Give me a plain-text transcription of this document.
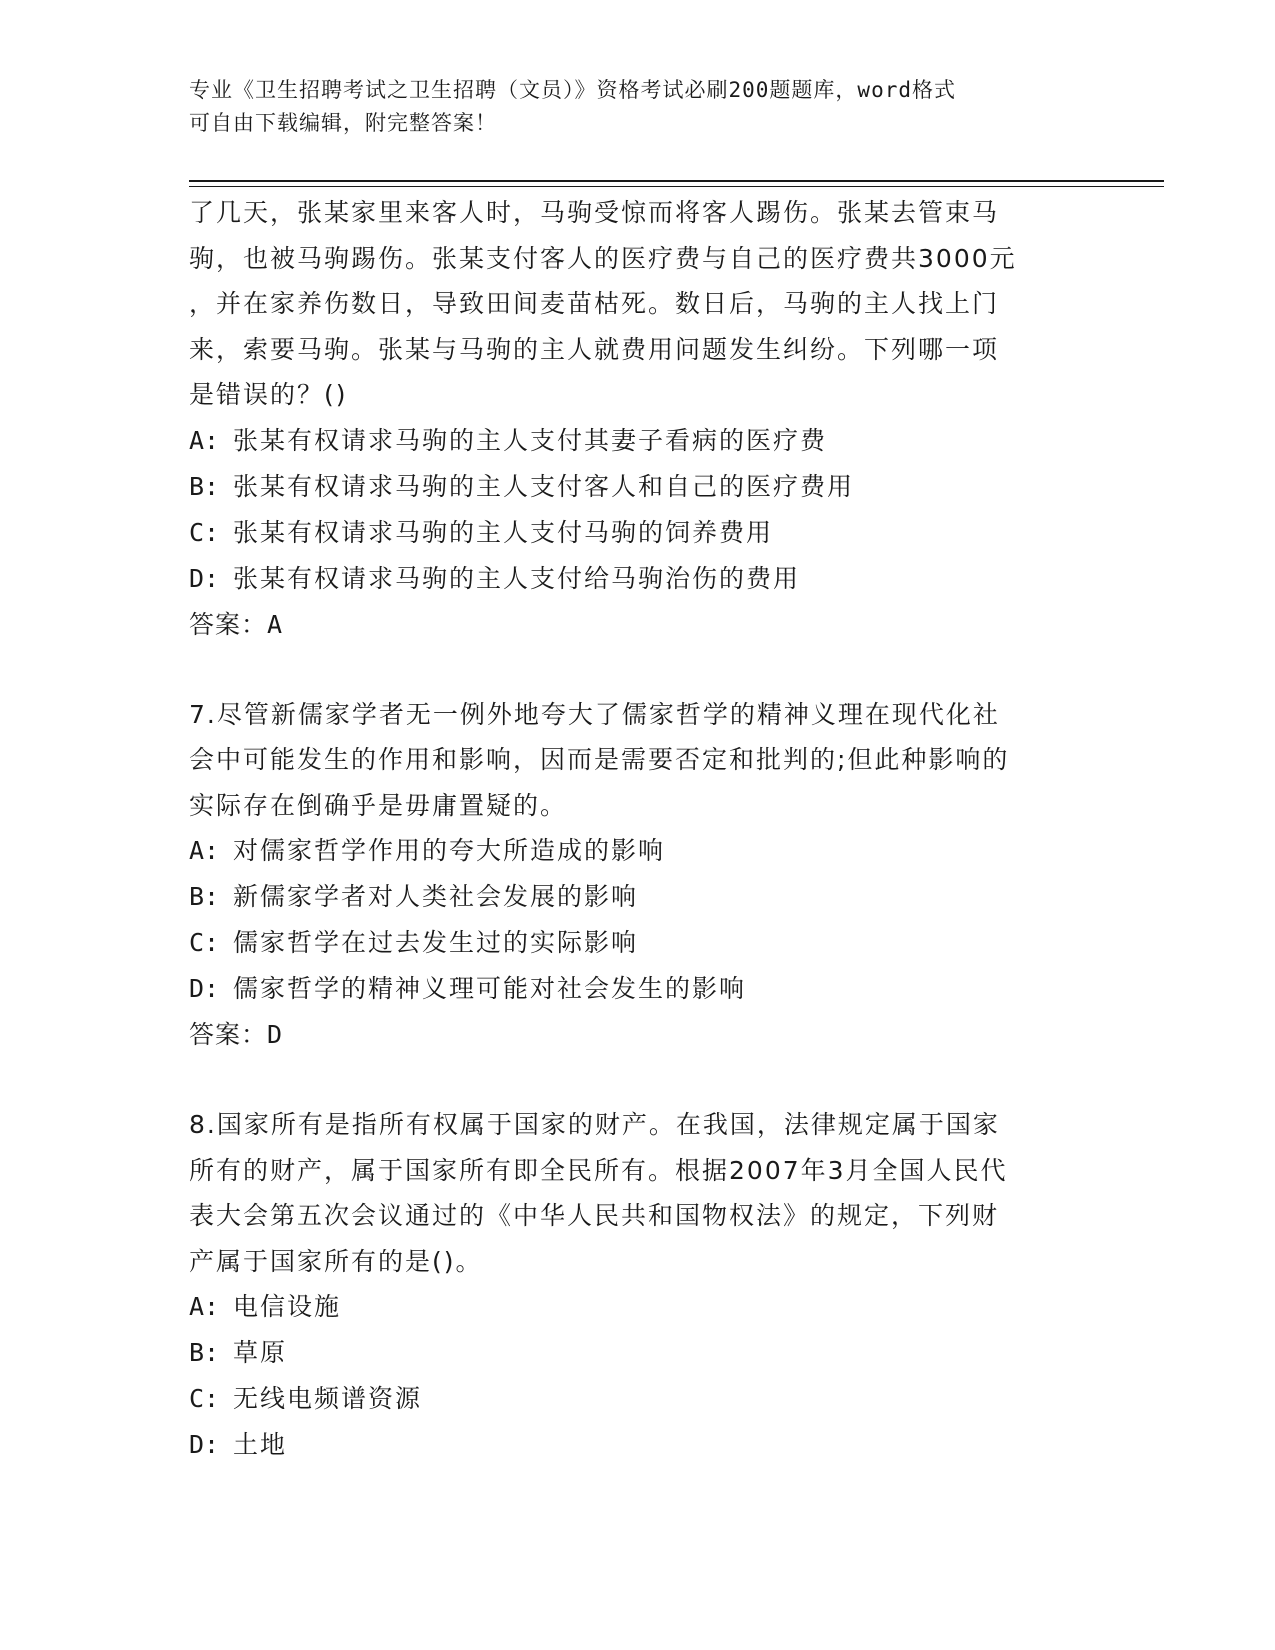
专业《卫生招聘考试之卫生招聘（文员）》资格考试必刷200题题库，word格式
可自由下载编辑，附完整答案！
了几天，张某家里来客人时，马驹受惊而将客人踢伤。张某去管束马
驹，也被马驹踢伤。张某支付客人的医疗费与自己的医疗费共3000元
，并在家养伤数日，导致田间麦苗枯死。数日后，马驹的主人找上门
来，索要马驹。张某与马驹的主人就费用问题发生纠纷。下列哪一项
是错误的？()
A: 张某有权请求马驹的主人支付其妻子看病的医疗费
B: 张某有权请求马驹的主人支付客人和自己的医疗费用
C: 张某有权请求马驹的主人支付马驹的饲养费用
D: 张某有权请求马驹的主人支付给马驹治伤的费用
答案：A
7.尽管新儒家学者无一例外地夸大了儒家哲学的精神义理在现代化社
会中可能发生的作用和影响，因而是需要否定和批判的;但此种影响的
实际存在倒确乎是毋庸置疑的。
A: 对儒家哲学作用的夸大所造成的影响
B: 新儒家学者对人类社会发展的影响
C: 儒家哲学在过去发生过的实际影响
D: 儒家哲学的精神义理可能对社会发生的影响
答案：D
8.国家所有是指所有权属于国家的财产。在我国，法律规定属于国家
所有的财产，属于国家所有即全民所有。根据2007年3月全国人民代
表大会第五次会议通过的《中华人民共和国物权法》的规定，下列财
产属于国家所有的是()。
A: 电信设施
B: 草原
C: 无线电频谱资源
D: 土地
